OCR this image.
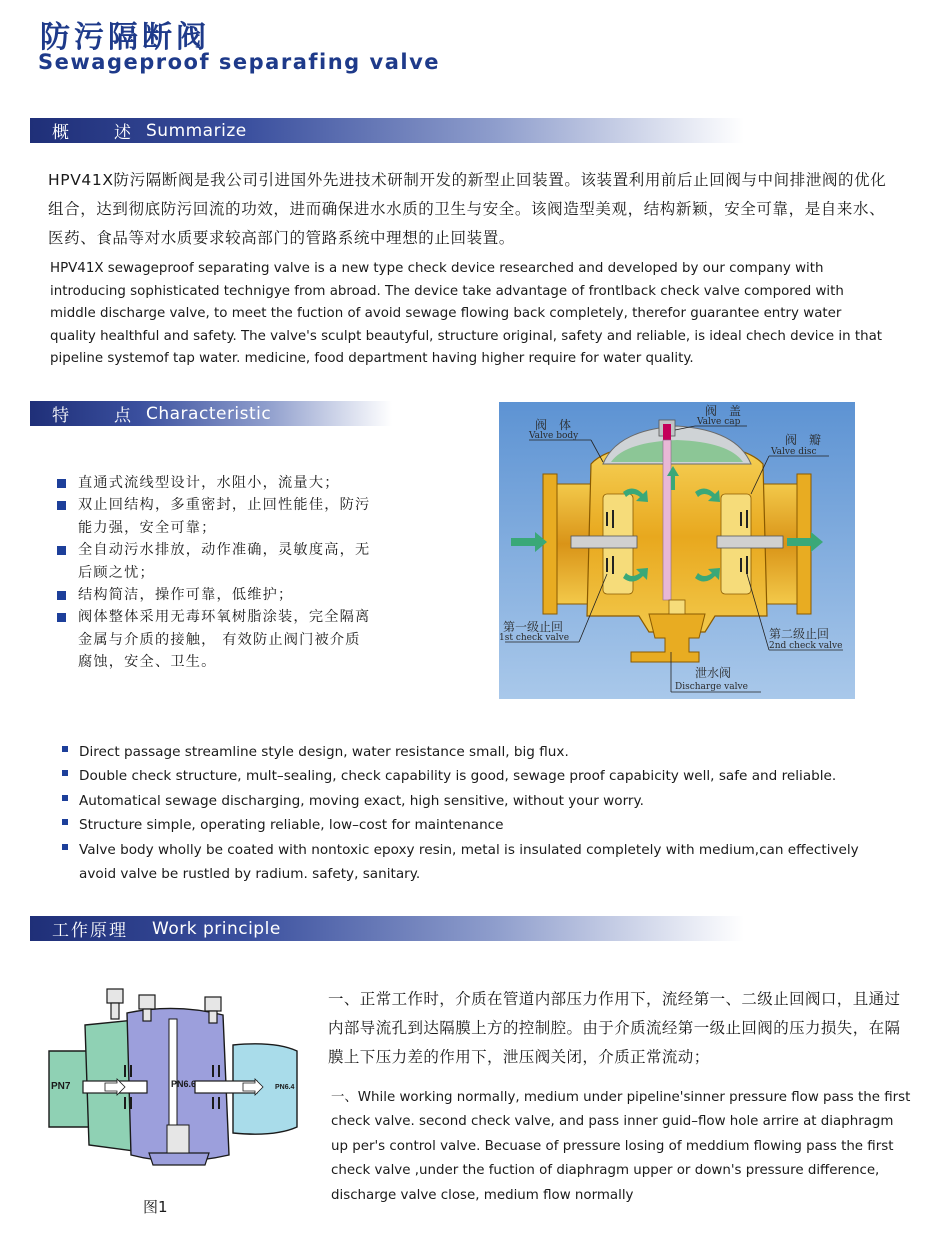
防污隔断阀
Sewageproof separafing valve
概　述 Summarize
HPV41X防污隔断阀是我公司引进国外先进技术研制开发的新型止回装置。该装置利用前后止回阀与中间排泄阀的优化组合，达到彻底防污回流的功效，进而确保进水水质的卫生与安全。该阀造型美观，结构新颖，安全可靠，是自来水、医药、食品等对水质要求较高部门的管路系统中理想的止回装置。
HPV41X sewageproof separating valve is a new type check device researched and developed by our company with introducing sophisticated technigye from abroad. The device take advantage of frontlback check valve compored with middle discharge valve, to meet the fuction of avoid sewage flowing back completely, therefor guarantee entry water quality healthful and safety. The valve's sculpt beautyful, structure original, safety and reliable, is ideal chech device in that pipeline systemof tap water. medicine, food department having higher require for water quality.
特　点 Characteristic
直通式流线型设计，水阻小，流量大；
双止回结构，多重密封，止回性能佳，防污能力强，安全可靠；
全自动污水排放，动作准确，灵敏度高，无后顾之忧；
结构简洁，操作可靠，低维护；
阀体整体采用无毒环氧树脂涂装，完全隔离金属与介质的接触， 有效防止阀门被介质腐蚀，安全、卫生。
阀　体
Valve body
阀　盖
Valve cap
阀　瓣
Valve disc
第一级止回
1st check valve	第二级止回
2nd check valve
泄水阀
Discharge valve
Direct passage streamline style design, water resistance small, big flux.
Double check structure, mult–sealing, check capability is good, sewage proof capabicity well, safe and reliable.
Automatical sewage discharging, moving exact, high sensitive, without your worry.
Structure simple, operating reliable, low–cost for maintenance
Valve body wholly be coated with nontoxic epoxy resin, metal is insulated completely with medium,can effectively avoid valve be rustled by radium. safety, sanitary.
工作原理	Work principle
PN7	PN6.6	PN6.4
图1
一、正常工作时，介质在管道内部压力作用下，流经第一、二级止回阀口，且通过内部导流孔到达隔膜上方的控制腔。由于介质流经第一级止回阀的压力损失，在隔膜上下压力差的作用下，泄压阀关闭，介质正常流动；
一、While working normally, medium under pipeline'sinner pressure flow pass the first check valve. second check valve, and pass inner guid–flow hole arrire at diaphragm up per's control valve. Becuase of pressure losing of meddium flowing pass the first check valve ,under the fuction of diaphragm upper or down's pressure difference, discharge valve close, medium flow normally
